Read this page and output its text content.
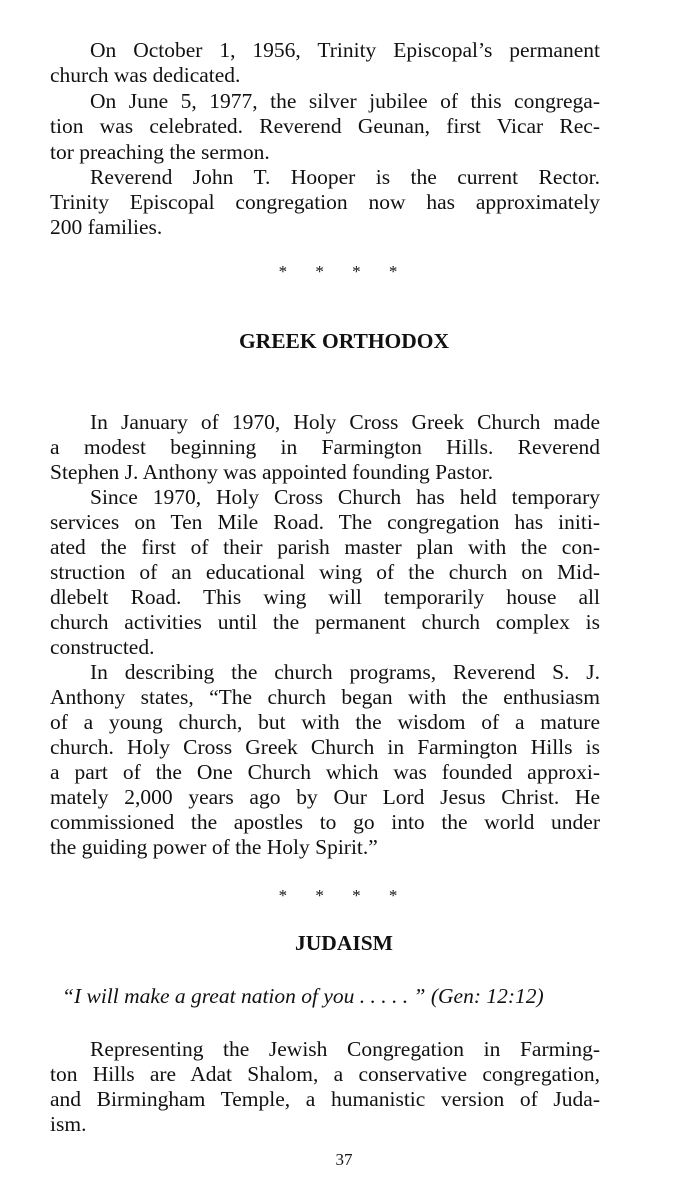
On October 1, 1956, Trinity Episcopal’s permanent
church was dedicated.
On June 5, 1977, the silver jubilee of this congrega-
tion was celebrated. Reverend Geunan, first Vicar Rec-
tor preaching the sermon.
Reverend John T. Hooper is the current Rector.
Trinity Episcopal congregation now has approximately
200 families.
* * * *
GREEK ORTHODOX
In January of 1970, Holy Cross Greek Church made
a modest beginning in Farmington Hills. Reverend
Stephen J. Anthony was appointed founding Pastor.
Since 1970, Holy Cross Church has held temporary
services on Ten Mile Road. The congregation has initi-
ated the first of their parish master plan with the con-
struction of an educational wing of the church on Mid-
dlebelt Road. This wing will temporarily house all
church activities until the permanent church complex is
constructed.
In describing the church programs, Reverend S. J.
Anthony states, “The church began with the enthusiasm
of a young church, but with the wisdom of a mature
church. Holy Cross Greek Church in Farmington Hills is
a part of the One Church which was founded approxi-
mately 2,000 years ago by Our Lord Jesus Christ. He
commissioned the apostles to go into the world under
the guiding power of the Holy Spirit.”
* * * *
JUDAISM
“I will make a great nation of you . . . . . ” (Gen: 12:12)
Representing the Jewish Congregation in Farming-
ton Hills are Adat Shalom, a conservative congregation,
and Birmingham Temple, a humanistic version of Juda-
ism.
37
